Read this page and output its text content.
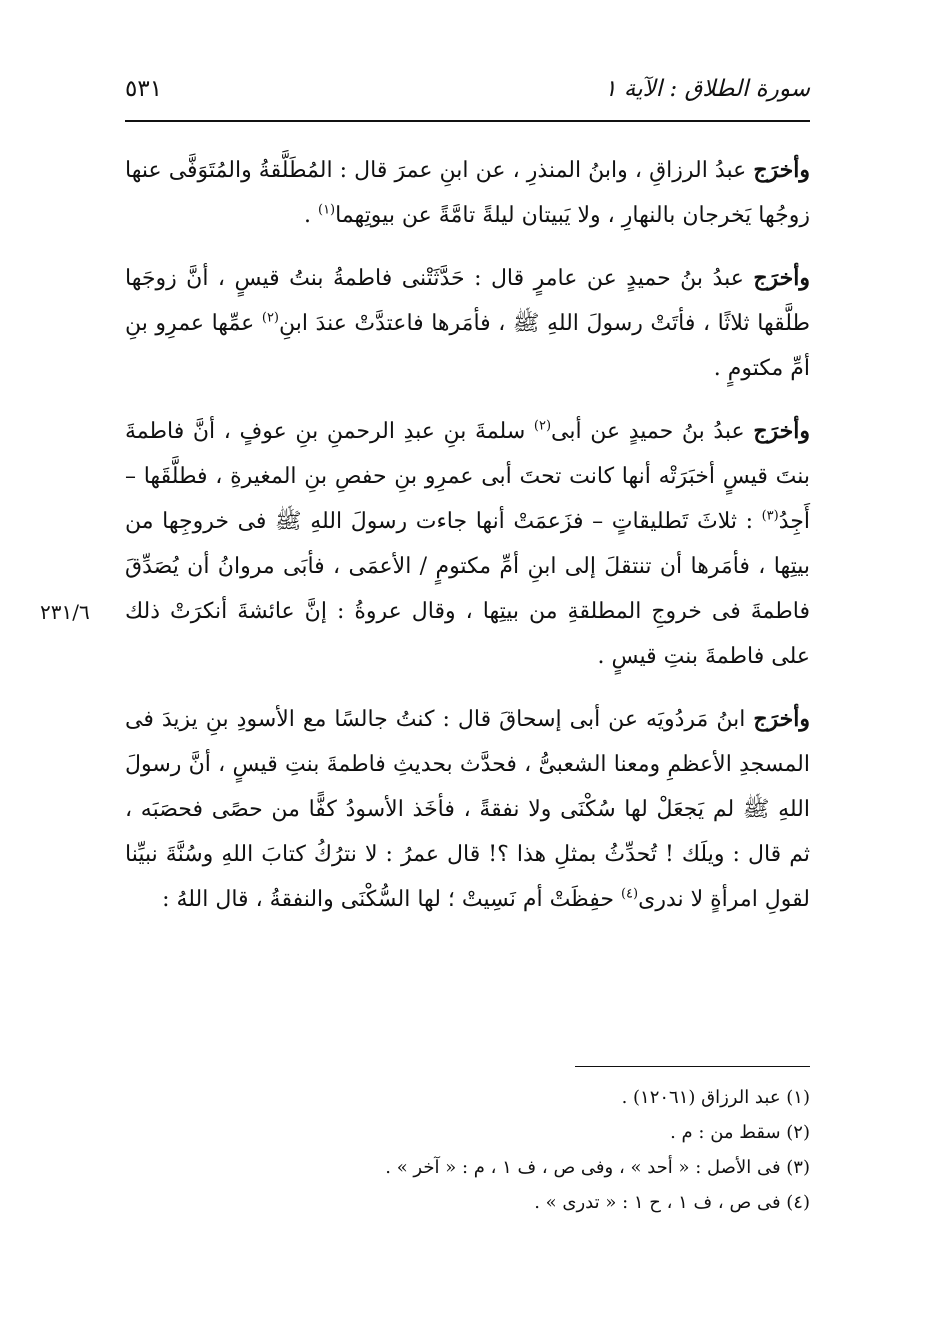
سورة الطلاق : الآية ١
٥٣١
٢٣١/٦

وأخرَج عبدُ الرزاقِ ، وابنُ المنذرِ ، عن ابنِ عمرَ قال : المُطَلَّقةُ والمُتَوَفَّى عنها زوجُها يَخرجان بالنهارِ ، ولا يَبيتان ليلةً تامَّةً عن بيوتِهما$^{(١)}$ .

وأخرَج عبدُ بنُ حميدٍ عن عامرٍ قال : حَدَّثَتْنى فاطمةُ بنتُ قيسٍ ، أنَّ زوجَها طلَّقها ثلاثًا ، فأتَتْ رسولَ اللهِ ﷺ ، فأمَرها فاعتدَّتْ عندَ ابنِ$^{(٢)}$ عمِّها عمرِو بنِ أمِّ مكتومٍ .

وأخرَج عبدُ بنُ حميدٍ عن أبى$^{(٢)}$ سلمةَ بنِ عبدِ الرحمنِ بنِ عوفٍ ، أنَّ فاطمةَ بنتَ قيسٍ أخبَرَتْه أنها كانت تحتَ أبى عمرِو بنِ حفصِ بنِ المغيرةِ ، فطلَّقَها – أَجِدُ$^{(٣)}$ : ثلاثَ تَطليقاتٍ – فزَعمَتْ أنها جاءت رسولَ اللهِ ﷺ فى خروجِها من بيتِها ، فأمَرها أن تنتقلَ إلى ابنِ أمِّ مكتومٍ / الأعمَى ، فأبَى مروانُ أن يُصَدِّقَ فاطمةَ فى خروجِ المطلقةِ من بيتِها ، وقال عروةُ : إنَّ عائشةَ أنكرَتْ ذلك على فاطمةَ بنتِ قيسٍ .

وأخرَج ابنُ مَردُويَه عن أبى إسحاقَ قال : كنتُ جالسًا مع الأسودِ بنِ يزيدَ فى المسجدِ الأعظمِ ومعنا الشعبىُّ ، فحدَّث بحديثِ فاطمةَ بنتِ قيسٍ ، أنَّ رسولَ اللهِ ﷺ لم يَجعَلْ لها سُكْنَى ولا نفقةً ، فأخَذ الأسودُ كفًّا من حصًى فحصَبَه ، ثم قال : ويلَك ! تُحدِّثُ بمثلِ هذا ؟! قال عمرُ : لا نترُكُ كتابَ اللهِ وسُنَّةَ نبيِّنا لقولِ امرأةٍ لا ندرى$^{(٤)}$ حفِظَتْ أم نَسِيتْ ؛ لها السُّكْنَى والنفقةُ ، قال اللهُ :

(١) عبد الرزاق (١٢٠٦١) .
(٢) سقط من : م .
(٣) فى الأصل : « أحد » ، وفى ص ، ف ١ ، م : « آخر » .
(٤) فى ص ، ف ١ ، ح ١ : « تدرى » .
